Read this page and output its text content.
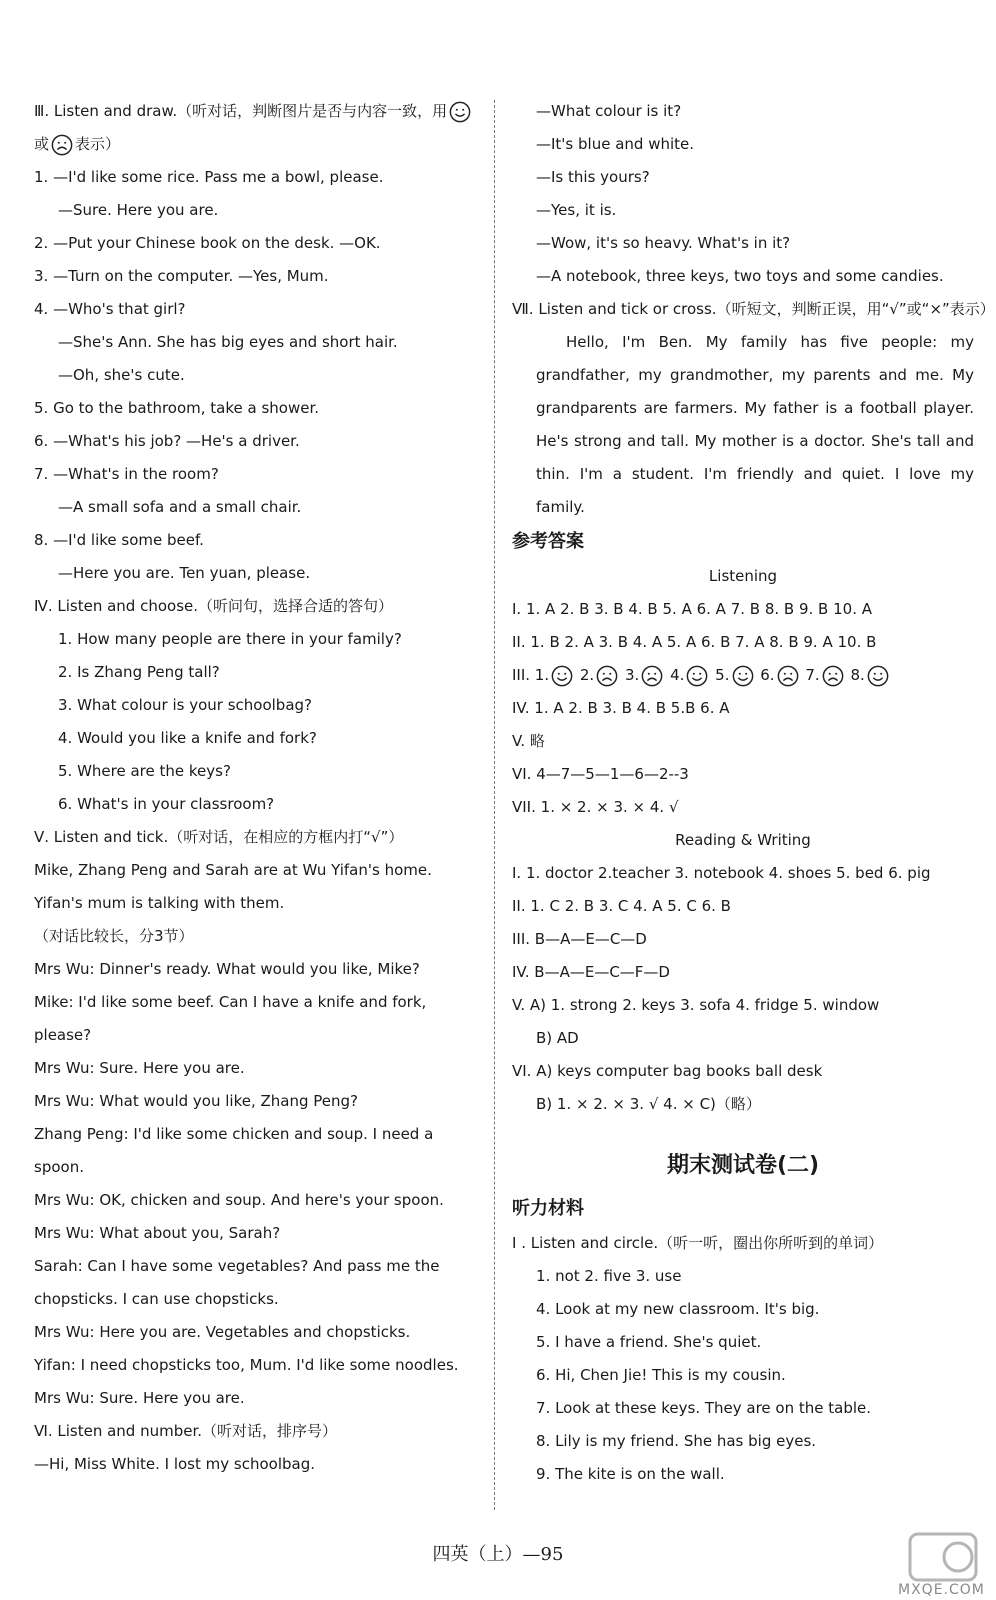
Ⅲ. Listen and draw.（听对话，判断图片是否与内容一致，用
或 表示）
1. —I'd like some rice. Pass me a bowl, please.
—Sure. Here you are.
2. —Put your Chinese book on the desk. —OK.
3. —Turn on the computer. —Yes, Mum.
4. —Who's that girl?
—She's Ann. She has big eyes and short hair.
—Oh, she's cute.
5. Go to the bathroom, take a shower.
6. —What's his job? —He's a driver.
7. —What's in the room?
—A small sofa and a small chair.
8. —I'd like some beef.
—Here you are. Ten yuan, please.
Ⅳ. Listen and choose.（听问句，选择合适的答句）
1. How many people are there in your family?
2. Is Zhang Peng tall?
3. What colour is your schoolbag?
4. Would you like a knife and fork?
5. Where are the keys?
6. What's in your classroom?
Ⅴ. Listen and tick.（听对话，在相应的方框内打“√”）
Mike, Zhang Peng and Sarah are at Wu Yifan's home.
Yifan's mum is talking with them.
（对话比较长，分3节）
Mrs Wu: Dinner's ready. What would you like, Mike?
Mike: I'd like some beef. Can I have a knife and fork,
please?
Mrs Wu: Sure. Here you are.
Mrs Wu: What would you like, Zhang Peng?
Zhang Peng: I'd like some chicken and soup. I need a
spoon.
Mrs Wu: OK, chicken and soup. And here's your spoon.
Mrs Wu: What about you, Sarah?
Sarah: Can I have some vegetables? And pass me the
chopsticks. I can use chopsticks.
Mrs Wu: Here you are. Vegetables and chopsticks.
Yifan: I need chopsticks too, Mum. I'd like some noodles.
Mrs Wu: Sure. Here you are.
Ⅵ. Listen and number.（听对话，排序号）
—Hi, Miss White. I lost my schoolbag.
—What colour is it?
—It's blue and white.
—Is this yours?
—Yes, it is.
—Wow, it's so heavy. What's in it?
—A notebook, three keys, two toys and some candies.
Ⅶ. Listen and tick or cross.（听短文，判断正误，用“√”或“×”表示）
Hello, I'm Ben. My family has five people: my grandfather, my grandmother, my parents and me. My grandparents are farmers. My father is a football player. He's strong and tall. My mother is a doctor. She's tall and thin. I'm a student. I'm friendly and quiet. I love my family.
参考答案
Listening
I. 1. A 2. B 3. B 4. B 5. A 6. A 7. B 8. B 9. B 10. A
II. 1. B 2. A 3. B 4. A 5. A 6. B 7. A 8. B 9. A 10. B
III. 1. 2. 3. 4. 5. 6. 7. 8.
IV. 1. A 2. B 3. B 4. B 5.B 6. A
V. 略
VI. 4—7—5—1—6—2--3
VII. 1. × 2. × 3. × 4. √
Reading & Writing
I. 1. doctor 2.teacher 3. notebook 4. shoes 5. bed 6. pig
II. 1. C 2. B 3. C 4. A 5. C 6. B
III. B—A—E—C—D
IV. B—A—E—C—F—D
V. A) 1. strong 2. keys 3. sofa 4. fridge 5. window
B) AD
VI. A) keys computer bag books ball desk
B) 1. × 2. × 3. √ 4. × C)（略）
期末测试卷(二)
听力材料
I . Listen and circle.（听一听，圈出你所听到的单词）
1. not 2. five 3. use
4. Look at my new classroom. It's big.
5. I have a friend. She's quiet.
6. Hi, Chen Jie! This is my cousin.
7. Look at these keys. They are on the table.
8. Lily is my friend. She has big eyes.
9. The kite is on the wall.
四英（上）—95
MXQE.COM
